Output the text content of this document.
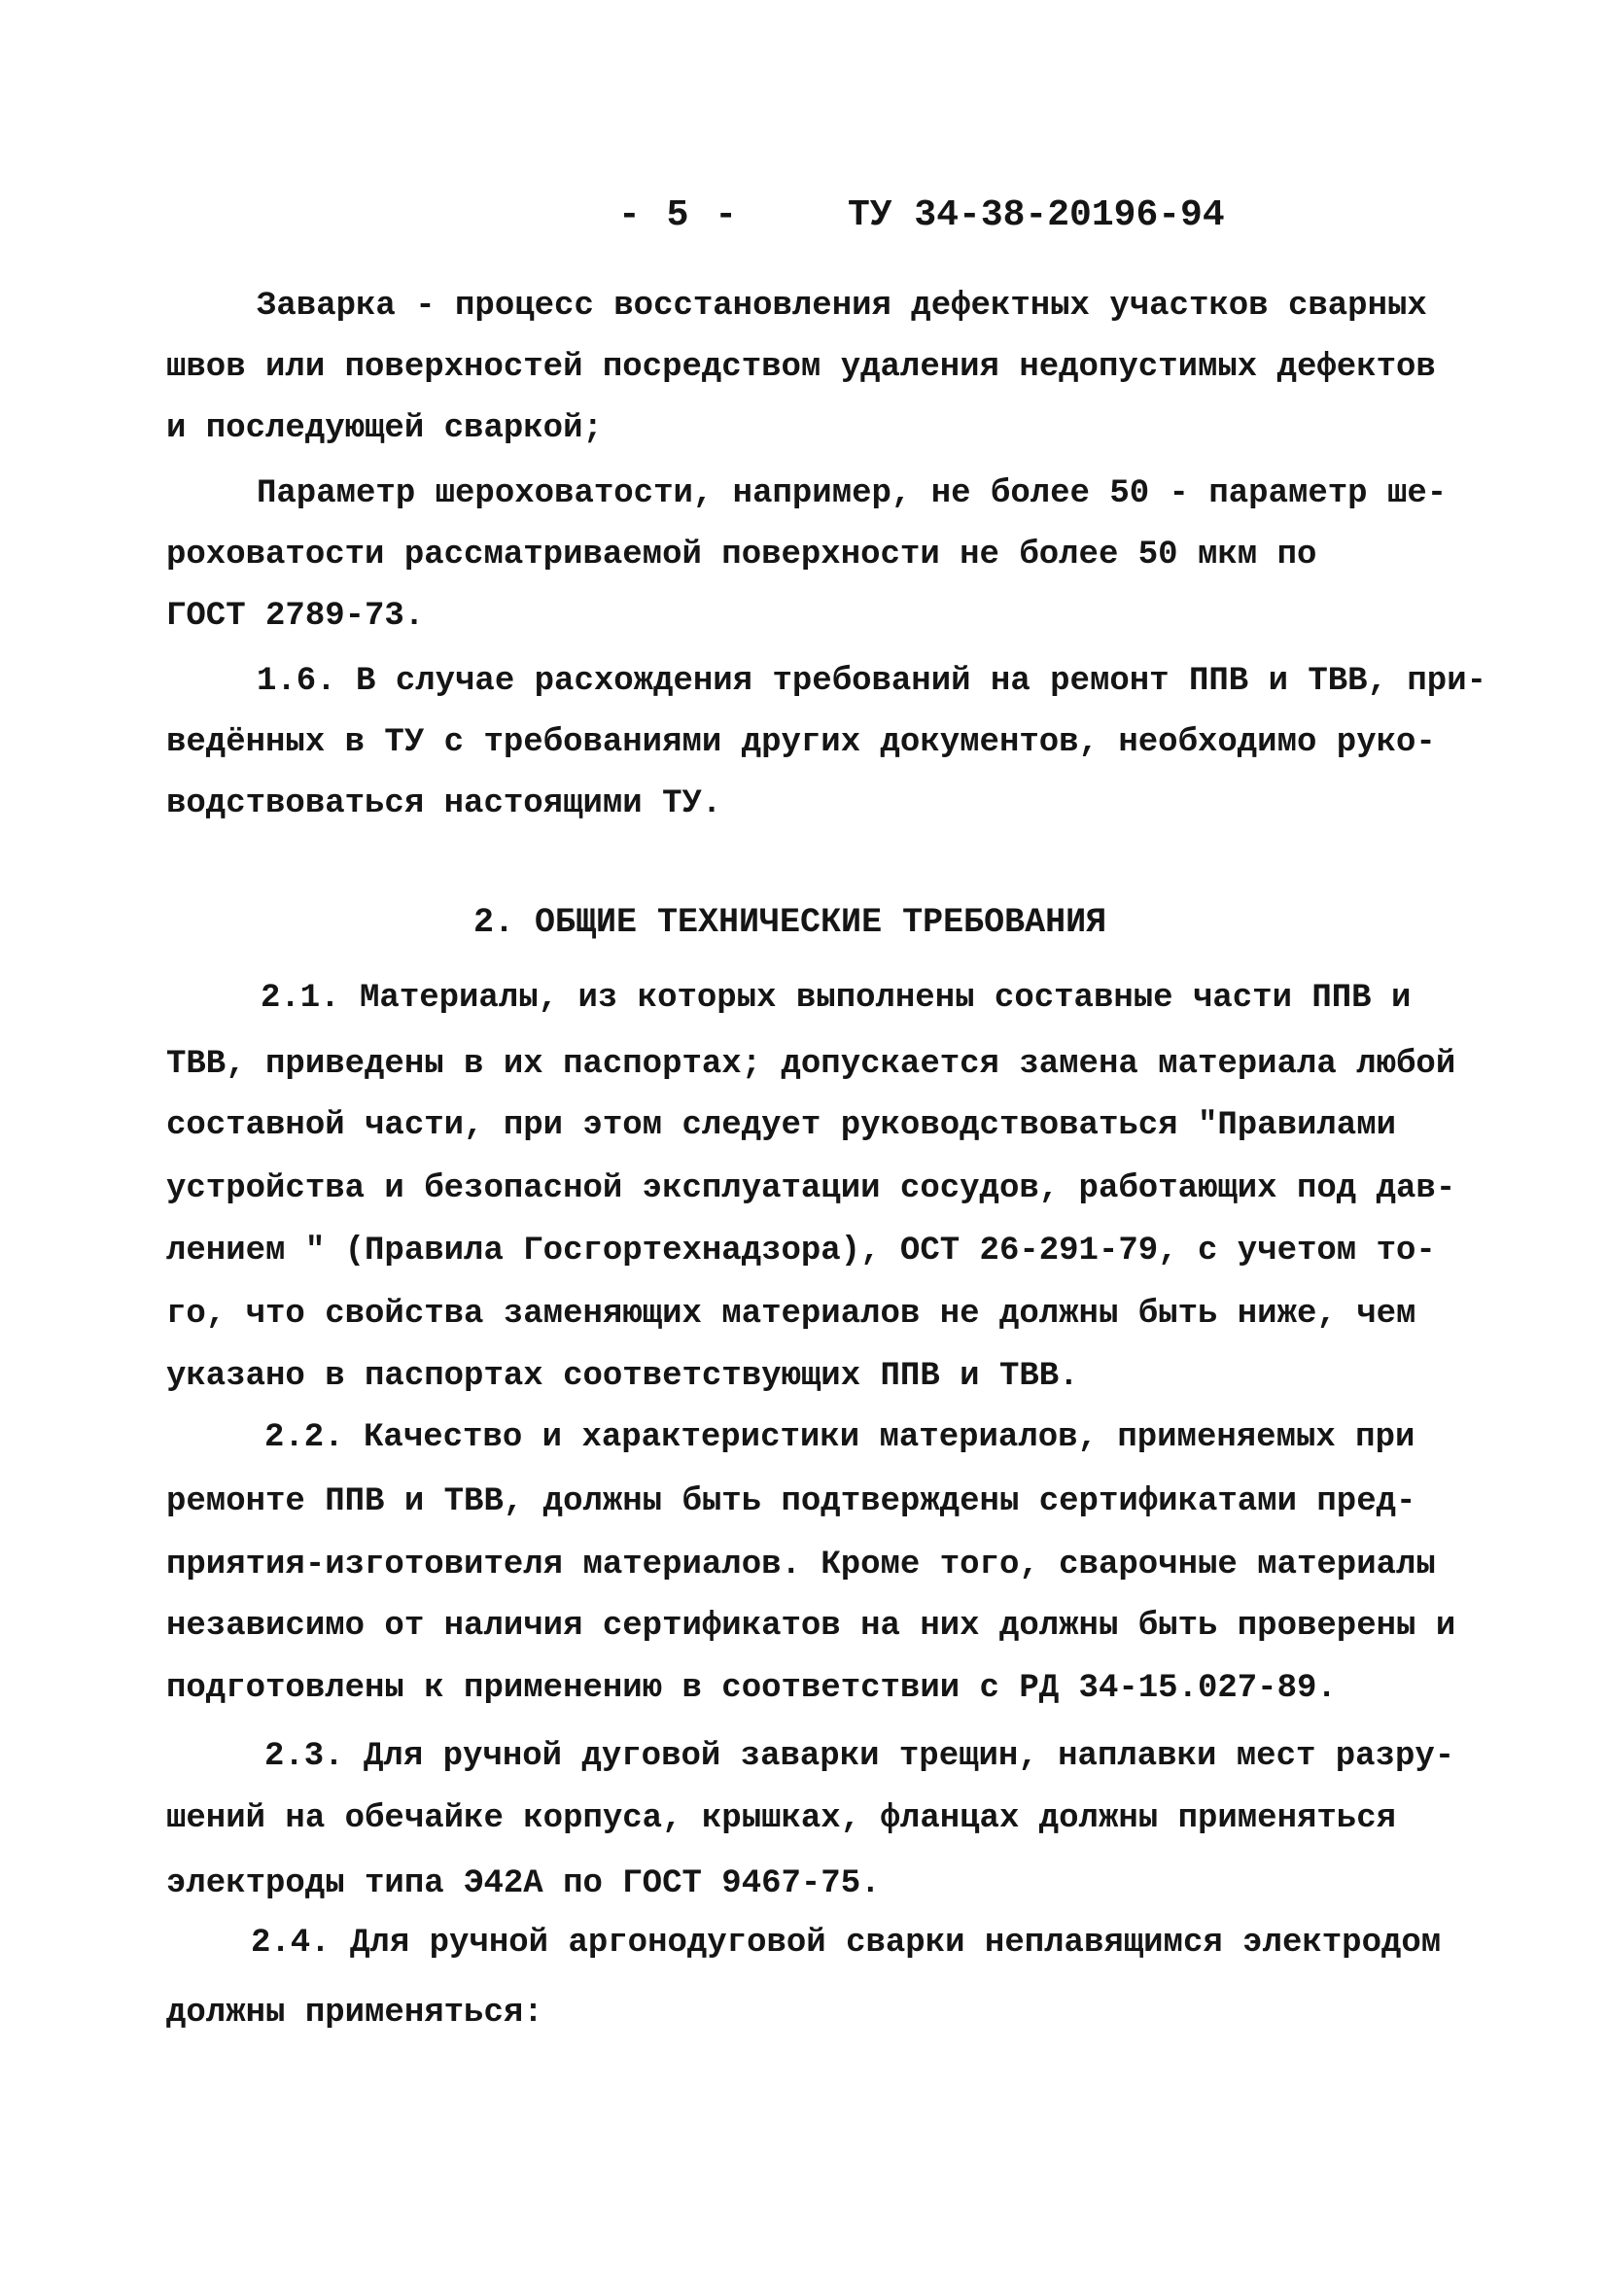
- 5 -	ТУ 34-38-20196-94
Заварка - процесс восстановления дефектных участков сварных
швов или поверхностей посредством удаления недопустимых дефектов
и последующей сваркой;
Параметр шероховатости, например, не более 50 - параметр ше-
роховатости рассматриваемой поверхности не более 50 мкм по
ГОСТ 2789-73.
1.6. В случае расхождения требований на ремонт ППВ и ТВВ, при-
ведённых в ТУ с требованиями других документов, необходимо руко-
водствоваться настоящими ТУ.
2. ОБЩИЕ ТЕХНИЧЕСКИЕ ТРЕБОВАНИЯ
2.1. Материалы, из которых выполнены составные части ППВ и
ТВВ, приведены в их паспортах; допускается замена материала любой
составной части, при этом следует руководствоваться "Правилами
устройства и безопасной эксплуатации сосудов, работающих под дав-
лением " (Правила Госгортехнадзора), ОСТ 26-291-79, с учетом то-
го, что свойства заменяющих материалов не должны быть ниже, чем
указано в паспортах соответствующих ППВ и ТВВ.
2.2. Качество и характеристики материалов, применяемых при
ремонте ППВ и ТВВ, должны быть подтверждены сертификатами пред-
приятия-изготовителя материалов. Кроме того, сварочные материалы
независимо от наличия сертификатов на них должны быть проверены и
подготовлены к применению в соответствии с РД 34-15.027-89.
2.3. Для ручной дуговой заварки трещин, наплавки мест разру-
шений на обечайке корпуса, крышках, фланцах должны применяться
электроды типа Э42А по ГОСТ 9467-75.
2.4. Для ручной аргонодуговой сварки неплавящимся электродом
должны применяться:
